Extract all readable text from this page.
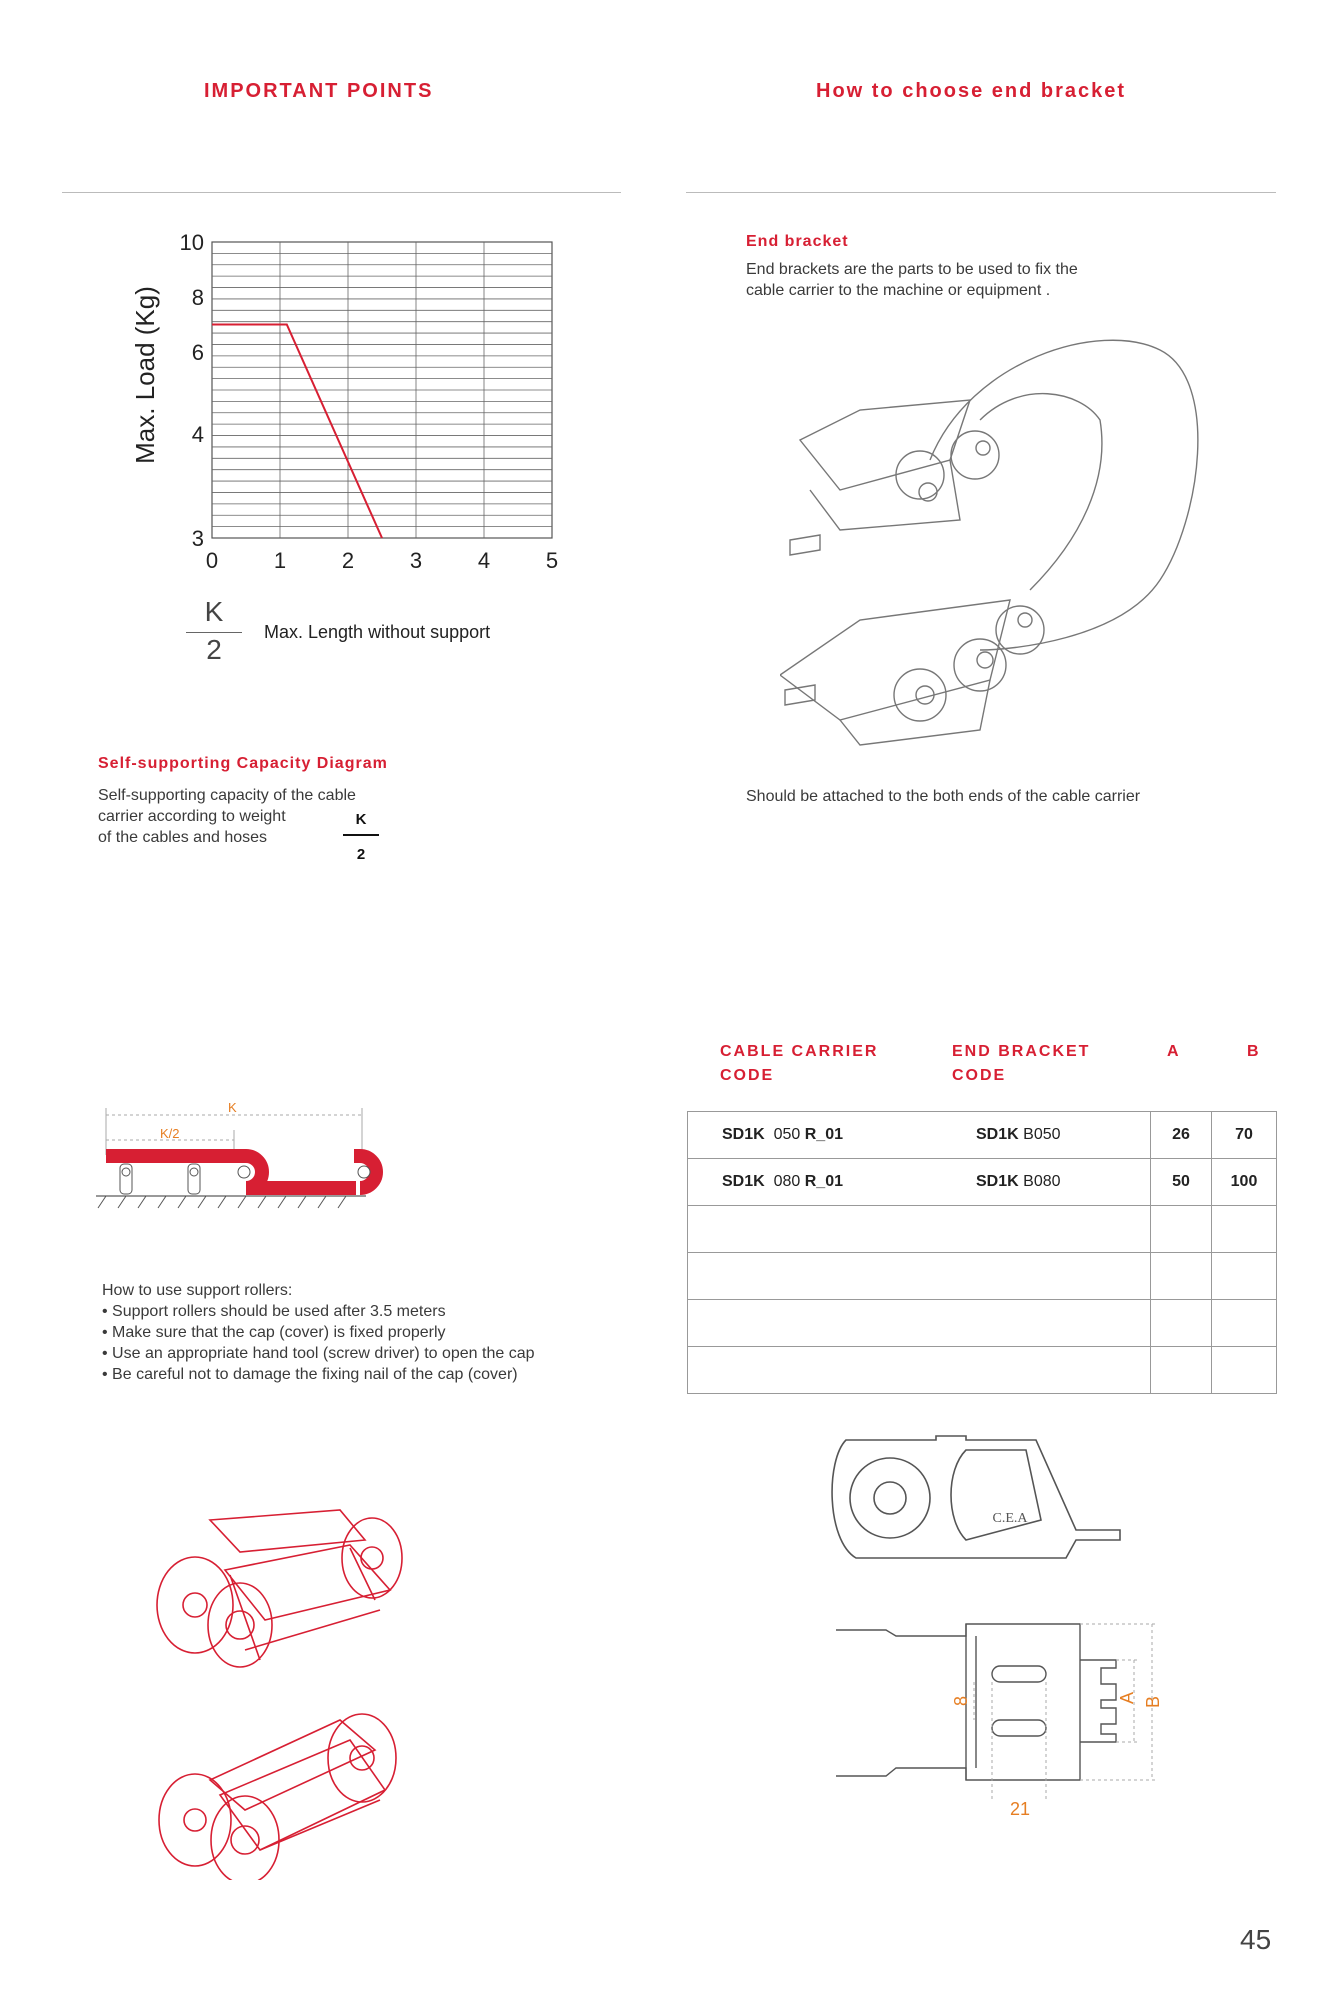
IMPORTANT POINTS	How to choose end bracket
10
8
6
4
3
0	1	2	3	4	5
Max. Load (Kg)
K
2
Max. Length without support
Self-supporting Capacity Diagram
Self-supporting capacity of the cable
carrier according to weight
of the cables and hoses
K
2
K
K/2
How to use support rollers:
• Support rollers should be used after 3.5 meters
• Make sure that the cap (cover) is fixed properly
• Use an appropriate hand tool (screw driver) to open the cap
• Be careful not to damage the fixing nail of the cap (cover)
End bracket
End brackets are the parts to be used to fix the
cable carrier to the machine or equipment .
Should be attached to the both ends of the cable carrier
CABLE CARRIER
CODE
END BRACKET
CODE
A	B
SD1K 050 R_01	SD1K B050	26	70
SD1K 080 R_01	SD1K B080	50	100

C.E.A
8	A B
21
45
